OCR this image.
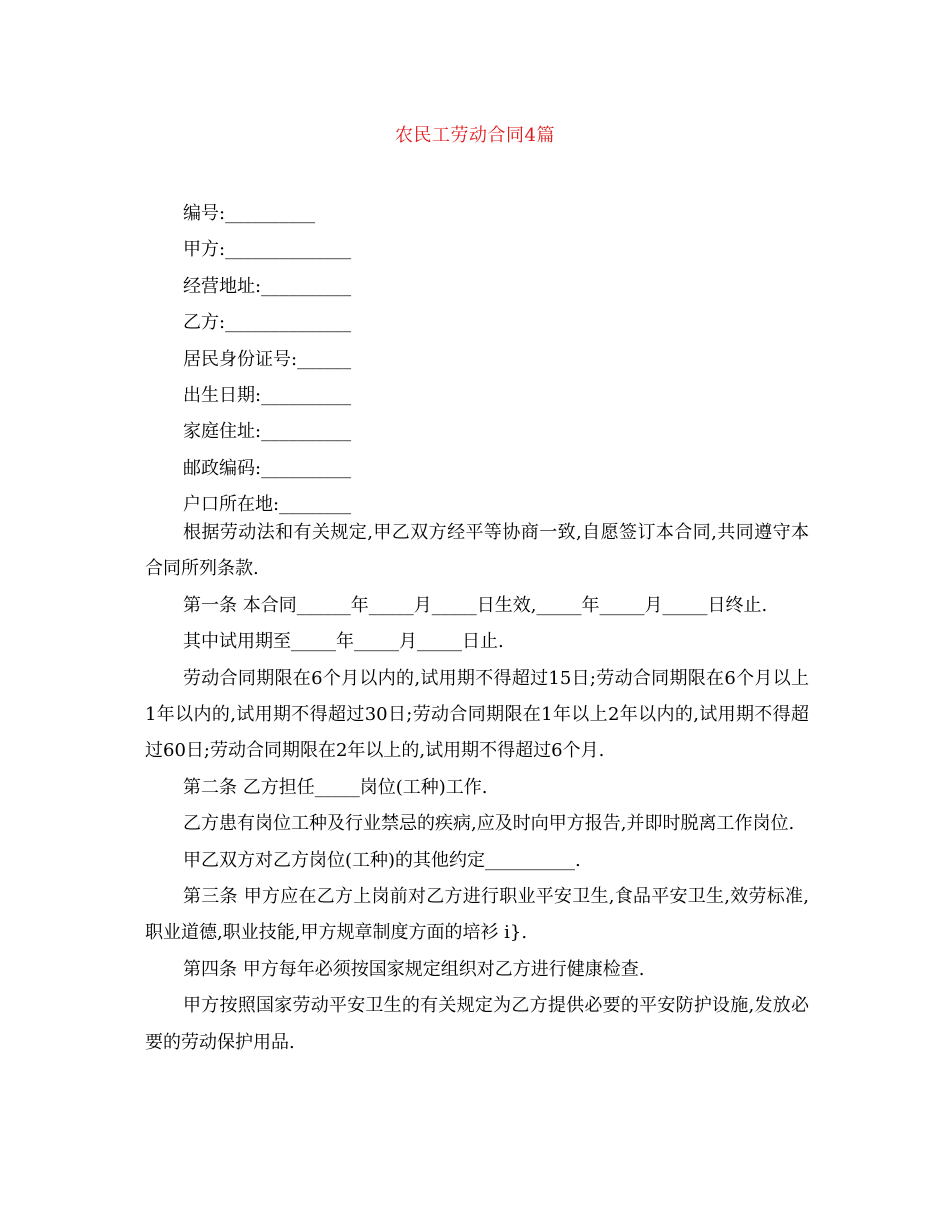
农民工劳动合同4篇
编号:__________
甲方:______________
经营地址:__________
乙方:______________
居民身份证号:______
出生日期:__________
家庭住址:__________
邮政编码:__________
户口所在地:________

根据劳动法和有关规定,甲乙双方经平等协商一致,自愿签订本合同,共同遵守本合同所列条款.

第一条 本合同______年_____月_____日生效,_____年_____月_____日终止.

其中试用期至_____年_____月_____日止.

劳动合同期限在6个月以内的,试用期不得超过15日;劳动合同期限在6个月以上1年以内的,试用期不得超过30日;劳动合同期限在1年以上2年以内的,试用期不得超过60日;劳动合同期限在2年以上的,试用期不得超过6个月.

第二条 乙方担任_____岗位(工种)工作.

乙方患有岗位工种及行业禁忌的疾病,应及时向甲方报告,并即时脱离工作岗位.

甲乙双方对乙方岗位(工种)的其他约定__________.

第三条 甲方应在乙方上岗前对乙方进行职业平安卫生,食品平安卫生,效劳标准,职业道德,职业技能,甲方规章制度方面的培衫 i}.

第四条 甲方每年必须按国家规定组织对乙方进行健康检查.

甲方按照国家劳动平安卫生的有关规定为乙方提供必要的平安防护设施,发放必要的劳动保护用品.
